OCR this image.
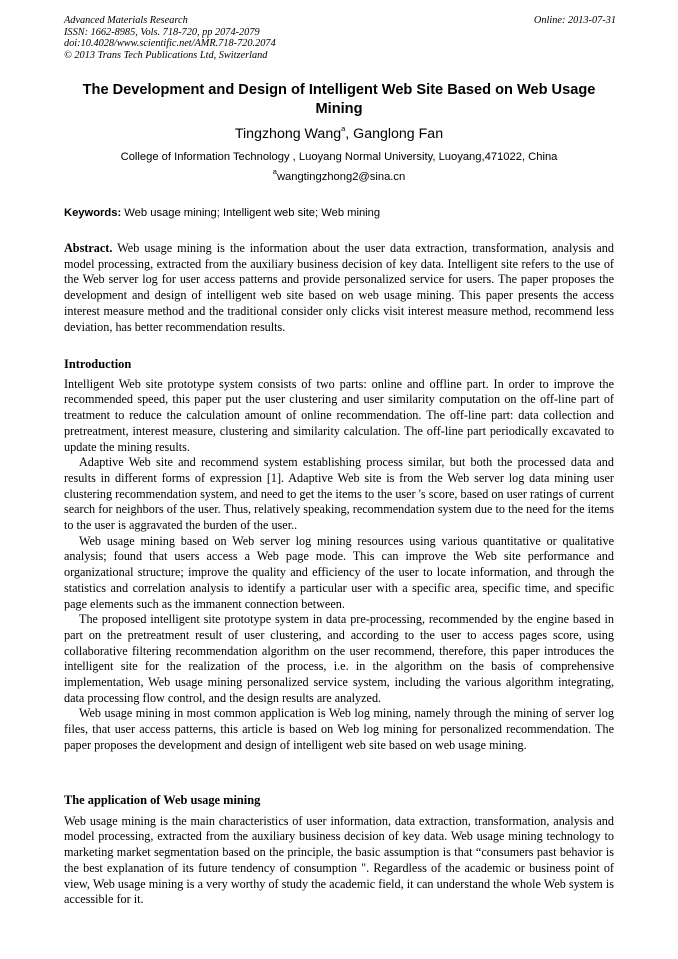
Advanced Materials Research
ISSN: 1662-8985, Vols. 718-720, pp 2074-2079
doi:10.4028/www.scientific.net/AMR.718-720.2074
© 2013 Trans Tech Publications Ltd, Switzerland
Online: 2013-07-31
The Development and Design of Intelligent Web Site Based on Web Usage Mining
Tingzhong Wang$^a$, Ganglong Fan
College of Information Technology , Luoyang Normal University, Luoyang,471022, China
$^a$wangtingzhong2@sina.cn
Keywords: Web usage mining; Intelligent web site; Web mining
Abstract. Web usage mining is the information about the user data extraction, transformation, analysis and model processing, extracted from the auxiliary business decision of key data. Intelligent site refers to the use of the Web server log for user access patterns and provide personalized service for users. The paper proposes the development and design of intelligent web site based on web usage mining. This paper presents the access interest measure method and the traditional consider only clicks visit interest measure method, recommend less deviation, has better recommendation results.
Introduction

Intelligent Web site prototype system consists of two parts: online and offline part. In order to improve the recommended speed, this paper put the user clustering and user similarity computation on the off-line part of treatment to reduce the calculation amount of online recommendation. The off-line part: data collection and pretreatment, interest measure, clustering and similarity calculation. The off-line part periodically excavated to update the mining results.

Adaptive Web site and recommend system establishing process similar, but both the processed data and results in different forms of expression [1]. Adaptive Web site is from the Web server log data mining user clustering recommendation system, and need to get the items to the user 's score, based on user ratings of current search for neighbors of the user. Thus, relatively speaking, recommendation system due to the need for the items to the user is aggravated the burden of the user..

Web usage mining based on Web server log mining resources using various quantitative or qualitative analysis; found that users access a Web page mode. This can improve the Web site performance and organizational structure; improve the quality and efficiency of the user to locate information, and through the statistics and correlation analysis to identify a particular user with a specific area, specific time, and specific page elements such as the immanent connection between.

The proposed intelligent site prototype system in data pre-processing, recommended by the engine based in part on the pretreatment result of user clustering, and according to the user to access pages score, using collaborative filtering recommendation algorithm on the user recommend, therefore, this paper introduces the intelligent site for the realization of the process, i.e. in the algorithm on the basis of comprehensive implementation, Web usage mining personalized service system, including the various algorithm integrating, data processing flow control, and the design results are analyzed.

Web usage mining in most common application is Web log mining, namely through the mining of server log files, that user access patterns, this article is based on Web log mining for personalized recommendation. The paper proposes the development and design of intelligent web site based on web usage mining.

The application of Web usage mining

Web usage mining is the main characteristics of user information, data extraction, transformation, analysis and model processing, extracted from the auxiliary business decision of key data. Web usage mining technology to marketing market segmentation based on the principle, the basic assumption is that “consumers past behavior is the best explanation of its future tendency of consumption ". Regardless of the academic or business point of view, Web usage mining is a very worthy of study the academic field, it can understand the whole Web system is accessible for it.
